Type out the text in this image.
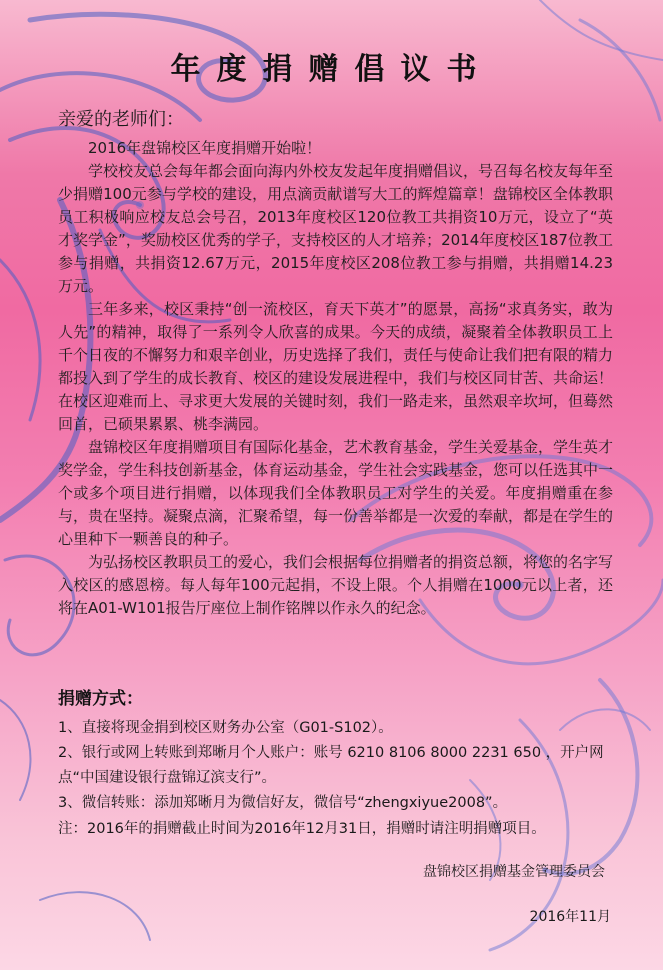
年度捐赠倡议书
亲爱的老师们：

2016年盘锦校区年度捐赠开始啦！

学校校友总会每年都会面向海内外校友发起年度捐赠倡议，号召每名校友每年至少捐赠100元参与学校的建设，用点滴贡献谱写大工的辉煌篇章！盘锦校区全体教职员工积极响应校友总会号召，2013年度校区120位教工共捐资10万元，设立了“英才奖学金”，奖励校区优秀的学子，支持校区的人才培养；2014年度校区187位教工参与捐赠，共捐资12.67万元，2015年度校区208位教工参与捐赠，共捐赠14.23万元。

三年多来，校区秉持“创一流校区，育天下英才”的愿景，高扬“求真务实，敢为人先”的精神，取得了一系列令人欣喜的成果。今天的成绩，凝聚着全体教职员工上千个日夜的不懈努力和艰辛创业，历史选择了我们，责任与使命让我们把有限的精力都投入到了学生的成长教育、校区的建设发展进程中，我们与校区同甘苦、共命运！在校区迎难而上、寻求更大发展的关键时刻，我们一路走来，虽然艰辛坎坷，但蓦然回首，已硕果累累、桃李满园。

盘锦校区年度捐赠项目有国际化基金，艺术教育基金，学生关爱基金，学生英才奖学金，学生科技创新基金，体育运动基金，学生社会实践基金，您可以任选其中一个或多个项目进行捐赠，以体现我们全体教职员工对学生的关爱。年度捐赠重在参与，贵在坚持。凝聚点滴，汇聚希望，每一份善举都是一次爱的奉献，都是在学生的心里种下一颗善良的种子。

为弘扬校区教职员工的爱心，我们会根据每位捐赠者的捐资总额，将您的名字写入校区的感恩榜。每人每年100元起捐，不设上限。个人捐赠在1000元以上者，还将在A01-W101报告厅座位上制作铭牌以作永久的纪念。

捐赠方式：

1、直接将现金捐到校区财务办公室（G01-S102）。

2、银行或网上转账到郑晰月个人账户：账号 6210 8106 8000 2231 650 ，开户网点“中国建设银行盘锦辽滨支行”。

3、微信转账：添加郑晰月为微信好友，微信号“zhengxiyue2008”。

注：2016年的捐赠截止时间为2016年12月31日，捐赠时请注明捐赠项目。

盘锦校区捐赠基金管理委员会
2016年11月
